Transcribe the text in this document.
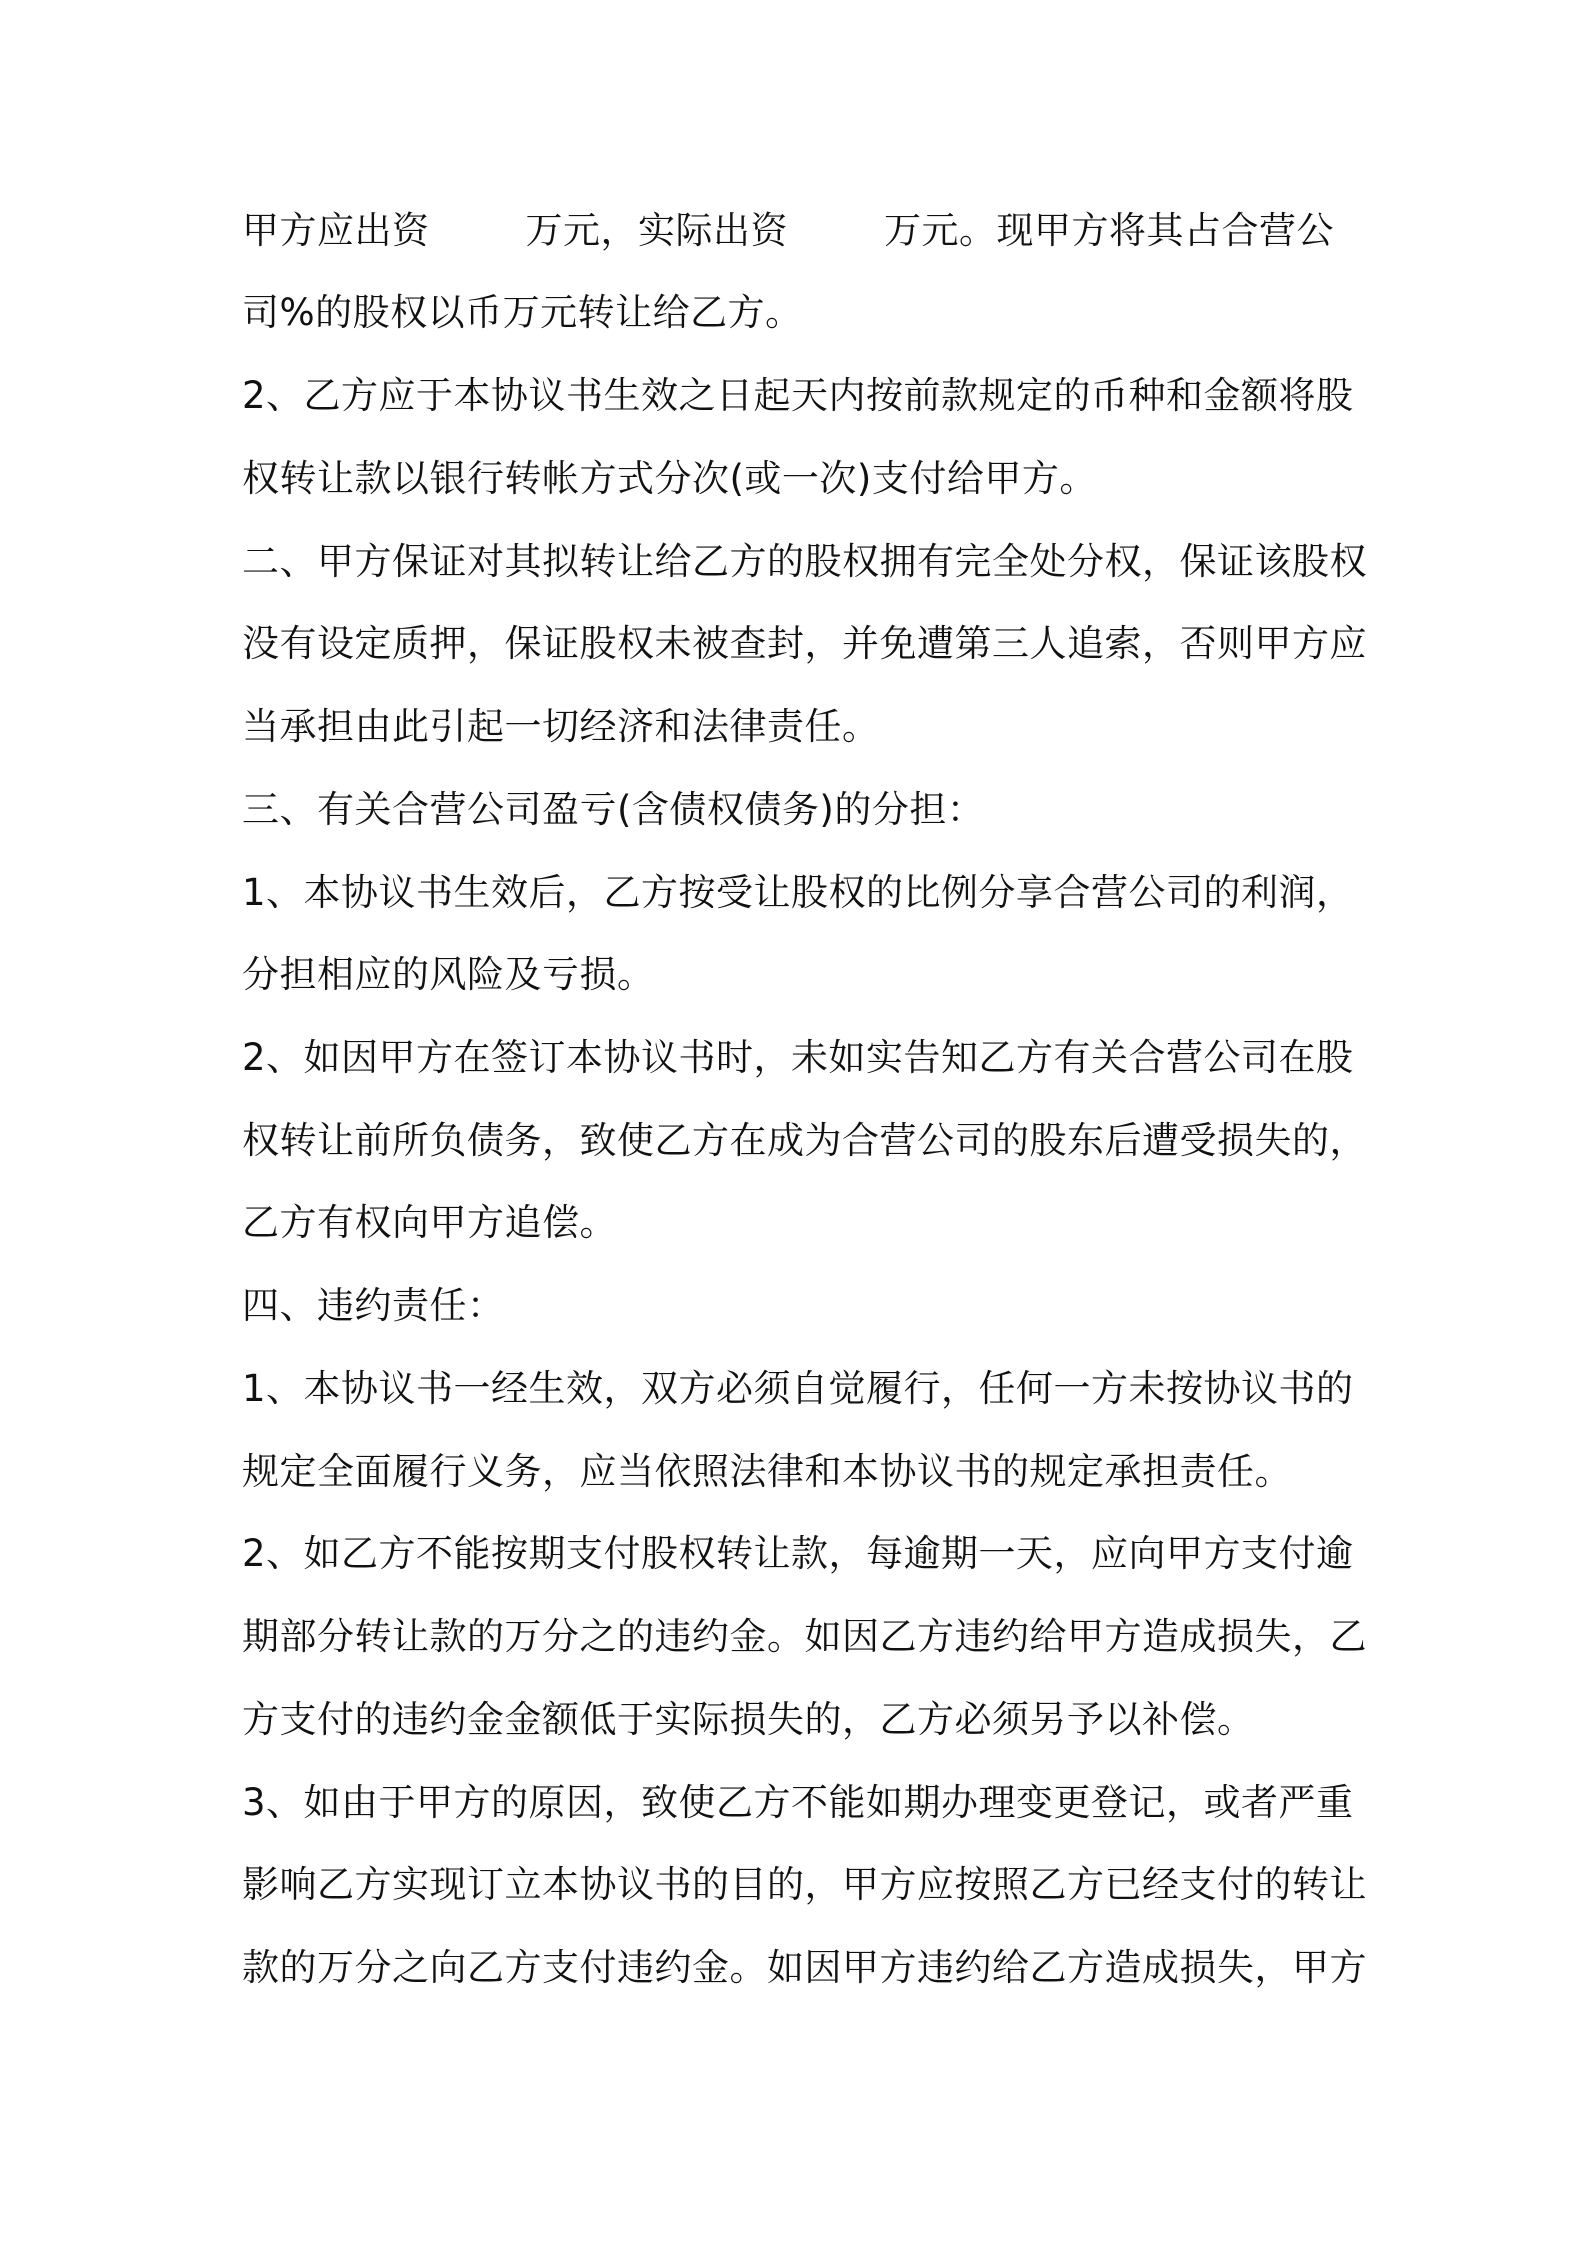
甲方应出资	万元，实际出资	万元。现甲方将其占合营公
司%的股权以币万元转让给乙方。
2、乙方应于本协议书生效之日起天内按前款规定的币种和金额将股
权转让款以银行转帐方式分次(或一次)支付给甲方。
二、甲方保证对其拟转让给乙方的股权拥有完全处分权，保证该股权
没有设定质押，保证股权未被查封，并免遭第三人追索，否则甲方应
当承担由此引起一切经济和法律责任。
三、有关合营公司盈亏(含债权债务)的分担：
1、本协议书生效后，乙方按受让股权的比例分享合营公司的利润，
分担相应的风险及亏损。
2、如因甲方在签订本协议书时，未如实告知乙方有关合营公司在股
权转让前所负债务，致使乙方在成为合营公司的股东后遭受损失的，
乙方有权向甲方追偿。
四、违约责任：
1、本协议书一经生效，双方必须自觉履行，任何一方未按协议书的
规定全面履行义务，应当依照法律和本协议书的规定承担责任。
2、如乙方不能按期支付股权转让款，每逾期一天，应向甲方支付逾
期部分转让款的万分之的违约金。如因乙方违约给甲方造成损失，乙
方支付的违约金金额低于实际损失的，乙方必须另予以补偿。
3、如由于甲方的原因，致使乙方不能如期办理变更登记，或者严重
影响乙方实现订立本协议书的目的，甲方应按照乙方已经支付的转让
款的万分之向乙方支付违约金。如因甲方违约给乙方造成损失，甲方
